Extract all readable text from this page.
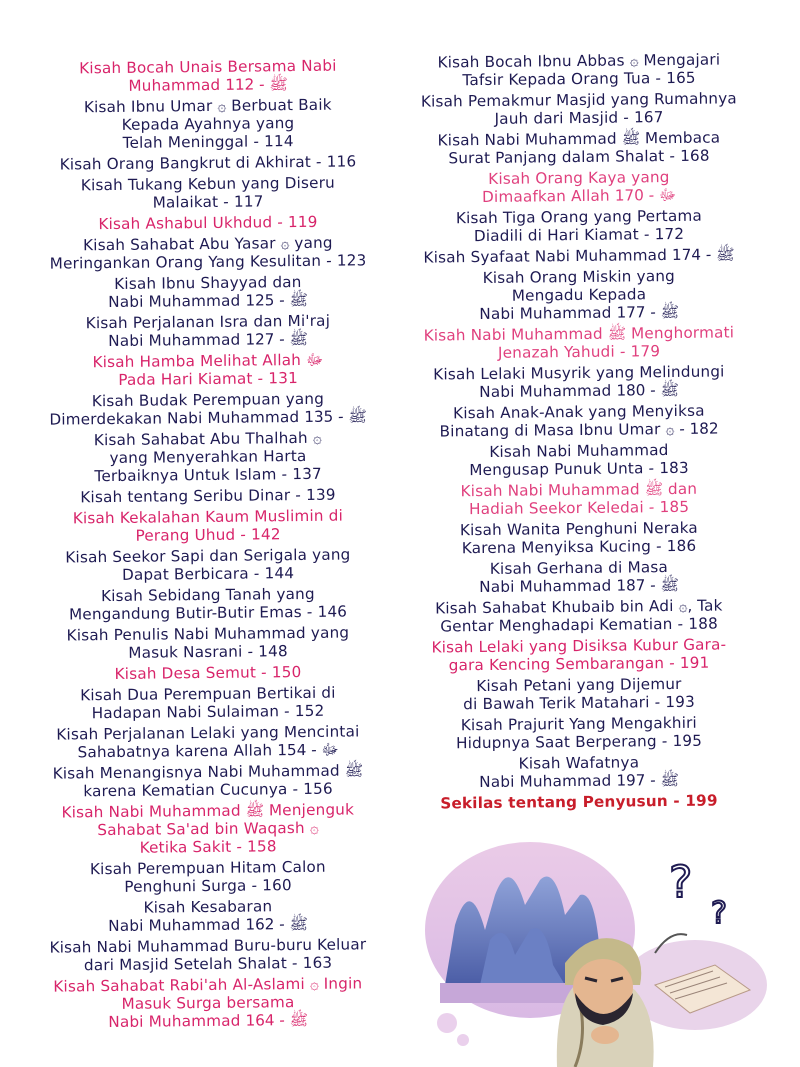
Kisah Bocah Unais Bersama Nabi
Muhammad ﷺ - 112
Kisah Ibnu Umar ۞ Berbuat Baik
Kepada Ayahnya yang
Telah Meninggal - 114
Kisah Orang Bangkrut di Akhirat - 116
Kisah Tukang Kebun yang Diseru
Malaikat - 117
Kisah Ashabul Ukhdud - 119
Kisah Sahabat Abu Yasar ۞ yang
Meringankan Orang Yang Kesulitan - 123
Kisah Ibnu Shayyad dan
Nabi Muhammad ﷺ - 125
Kisah Perjalanan Isra dan Mi'raj
Nabi Muhammad ﷺ - 127
Kisah Hamba Melihat Allah ﷻ
Pada Hari Kiamat - 131
Kisah Budak Perempuan yang
Dimerdekakan Nabi Muhammad ﷺ - 135
Kisah Sahabat Abu Thalhah ۞
yang Menyerahkan Harta
Terbaiknya Untuk Islam - 137
Kisah tentang Seribu Dinar - 139
Kisah Kekalahan Kaum Muslimin di
Perang Uhud - 142
Kisah Seekor Sapi dan Serigala yang
Dapat Berbicara - 144
Kisah Sebidang Tanah yang
Mengandung Butir-Butir Emas - 146
Kisah Penulis Nabi Muhammad yang
Masuk Nasrani - 148
Kisah Desa Semut - 150
Kisah Dua Perempuan Bertikai di
Hadapan Nabi Sulaiman - 152
Kisah Perjalanan Lelaki yang Mencintai
Sahabatnya karena Allah ﷻ - 154
Kisah Menangisnya Nabi Muhammad ﷺ
karena Kematian Cucunya - 156
Kisah Nabi Muhammad ﷺ Menjenguk
Sahabat Sa'ad bin Waqash ۞
Ketika Sakit - 158
Kisah Perempuan Hitam Calon
Penghuni Surga - 160
Kisah Kesabaran
Nabi Muhammad ﷺ - 162
Kisah Nabi Muhammad Buru-buru Keluar
dari Masjid Setelah Shalat - 163
Kisah Sahabat Rabi'ah Al-Aslami ۞ Ingin
Masuk Surga bersama
Nabi Muhammad ﷺ - 164
Kisah Bocah Ibnu Abbas ۞ Mengajari
Tafsir Kepada Orang Tua - 165
Kisah Pemakmur Masjid yang Rumahnya
Jauh dari Masjid - 167
Kisah Nabi Muhammad ﷺ Membaca
Surat Panjang dalam Shalat - 168
Kisah Orang Kaya yang
Dimaafkan Allah ﷻ - 170
Kisah Tiga Orang yang Pertama
Diadili di Hari Kiamat - 172
Kisah Syafaat Nabi Muhammad ﷺ - 174
Kisah Orang Miskin yang
Mengadu Kepada
Nabi Muhammad ﷺ - 177
Kisah Nabi Muhammad ﷺ Menghormati
Jenazah Yahudi - 179
Kisah Lelaki Musyrik yang Melindungi
Nabi Muhammad ﷺ - 180
Kisah Anak-Anak yang Menyiksa
Binatang di Masa Ibnu Umar ۞ - 182
Kisah Nabi Muhammad
Mengusap Punuk Unta - 183
Kisah Nabi Muhammad ﷺ dan
Hadiah Seekor Keledai - 185
Kisah Wanita Penghuni Neraka
Karena Menyiksa Kucing - 186
Kisah Gerhana di Masa
Nabi Muhammad ﷺ - 187
Kisah Sahabat Khubaib bin Adi ۞, Tak
Gentar Menghadapi Kematian - 188
Kisah Lelaki yang Disiksa Kubur Gara-
gara Kencing Sembarangan - 191
Kisah Petani yang Dijemur
di Bawah Terik Matahari - 193
Kisah Prajurit Yang Mengakhiri
Hidupnya Saat Berperang - 195
Kisah Wafatnya
Nabi Muhammad ﷺ - 197
Sekilas tentang Penyusun - 199
?
?
